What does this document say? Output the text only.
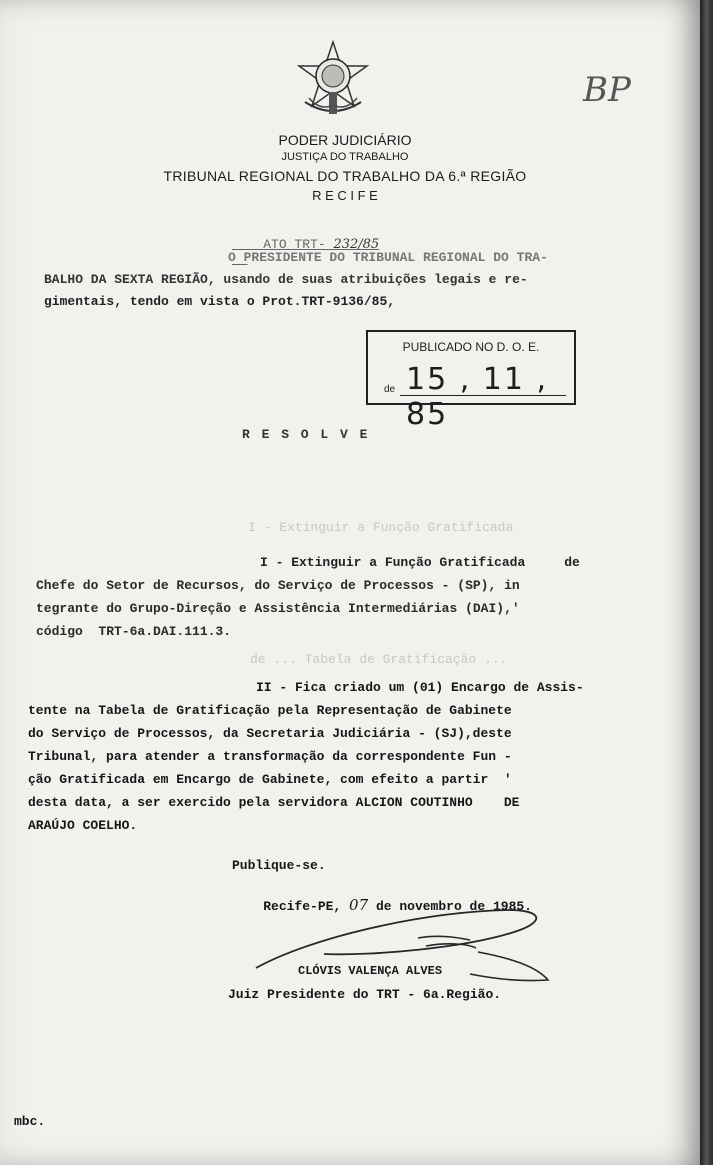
PODER JUDICIÁRIO
JUSTIÇA DO TRABALHO
TRIBUNAL REGIONAL DO TRABALHO DA 6.ª REGIÃO
R E C I F E
BP

ATO TRT- 232/85

O PRESIDENTE DO TRIBUNAL REGIONAL DO TRA-
BALHO DA SEXTA REGIÃO, usando de suas atribuições legais e re-
gimentais, tendo em vista o Prot.TRT-9136/85,
PUBLICADO NO D. O. E.
de 15 , 11 , 85
R E S O L V E
I - Extinguir a Função Gratificada
de ... Tabela de Gratificação ...
I - Extinguir a Função Gratificada     de
Chefe do Setor de Recursos, do Serviço de Processos - (SP), in
tegrante do Grupo-Direção e Assistência Intermediárias (DAI),'
código  TRT-6a.DAI.111.3.
II - Fica criado um (01) Encargo de Assis-
tente na Tabela de Gratificação pela Representação de Gabinete
do Serviço de Processos, da Secretaria Judiciária - (SJ),deste
Tribunal, para atender a transformação da correspondente Fun -
ção Gratificada em Encargo de Gabinete, com efeito a partir  '
desta data, a ser exercido pela servidora ALCION COUTINHO    DE
ARAÚJO COELHO.
Publique-se.

Recife-PE, 07 de novembro de 1985.

CLÓVIS VALENÇA ALVES
Juiz Presidente do TRT - 6a.Região.
mbc.
